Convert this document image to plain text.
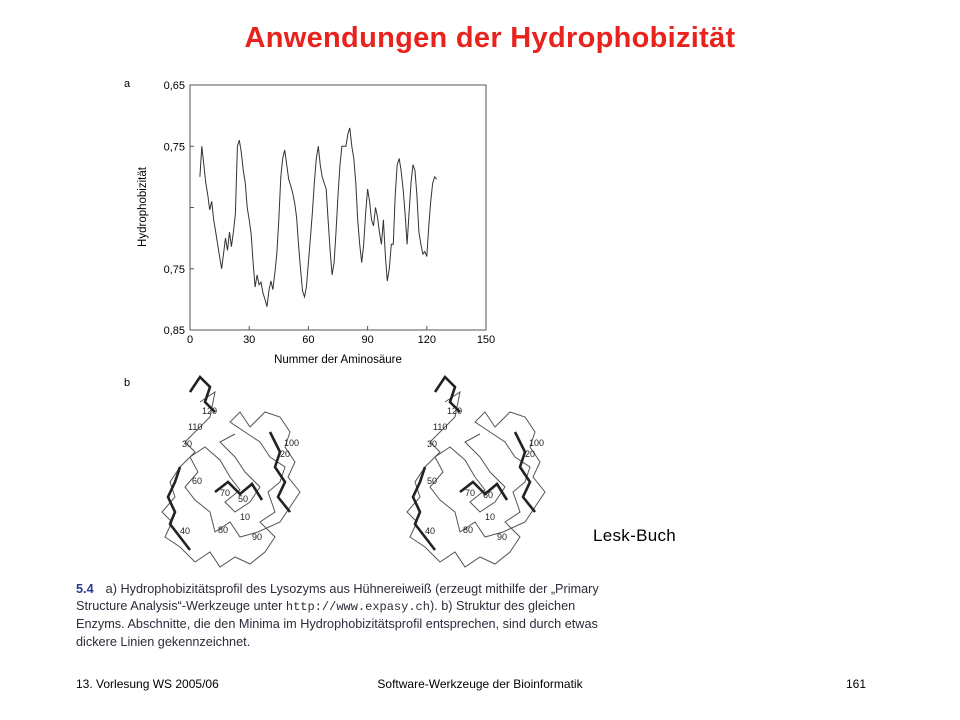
Anwendungen der Hydrophobizität
a	0,65
0,75
0,75
0,85
0	30	60	90	120	150
Hydrophobizität
Nummer der Aminosäure
b
120
110
30	100
20
60
70
50
10
80
40
90
120
110
30	100
20
50
70 60
10
80
40
90	Lesk-Buch
5.4 a) Hydrophobizitätsprofil des Lysozyms aus Hühnereiweiß (erzeugt mithilfe der „Primary Structure Analysis“-Werkzeuge unter http://www.expasy.ch). b) Struktur des gleichen Enzyms. Abschnitte, die den Minima im Hydrophobizitätsprofil entsprechen, sind durch etwas dickere Linien gekennzeichnet.
13. Vorlesung WS 2005/06	Software-Werkzeuge der Bioinformatik	161
